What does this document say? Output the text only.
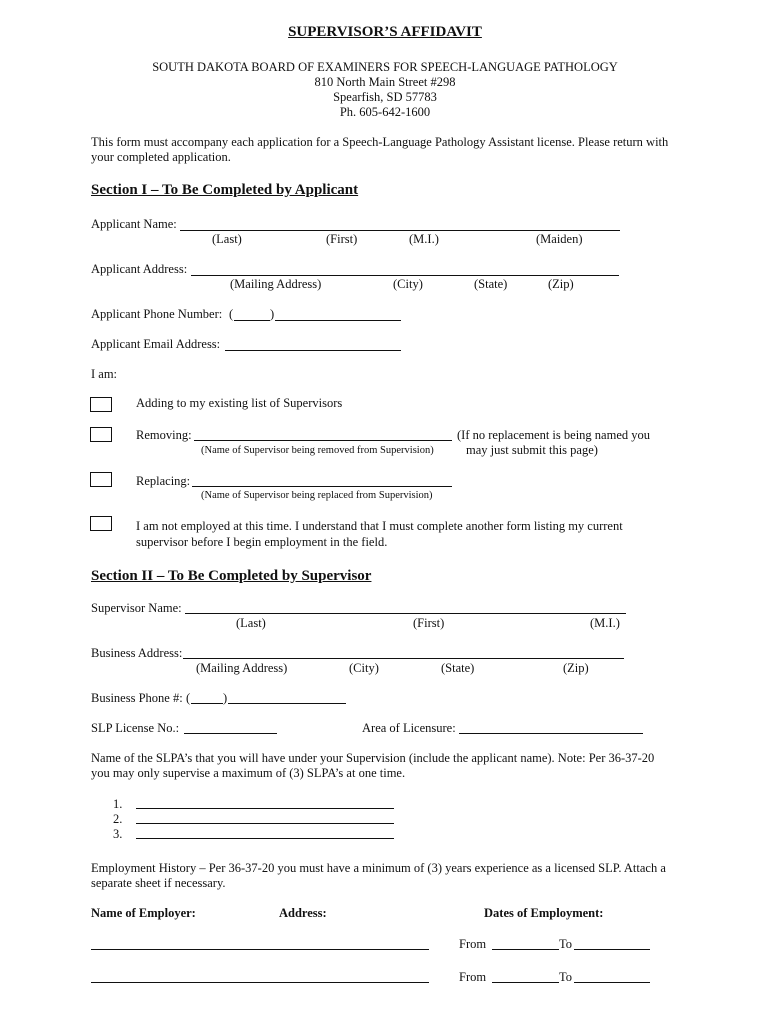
SUPERVISOR’S AFFIDAVIT
SOUTH DAKOTA BOARD OF EXAMINERS FOR SPEECH-LANGUAGE PATHOLOGY
810 North Main Street #298
Spearfish, SD 57783
Ph. 605-642-1600
This form must accompany each application for a Speech-Language Pathology Assistant license. Please return with
your completed application.
Section I – To Be Completed by Applicant
Applicant Name:
(Last)	(First)	(M.I.)	(Maiden)
Applicant Address:
(Mailing Address)	(City)	(State)	(Zip)
Applicant Phone Number: (	)
Applicant Email Address:
I am:
Adding to my existing list of Supervisors
Removing:	(If no replacement is being named you
(Name of Supervisor being removed from Supervision)	may just submit this page)
Replacing:
(Name of Supervisor being replaced from Supervision)
I am not employed at this time. I understand that I must complete another form listing my current
supervisor before I begin employment in the field.
Section II – To Be Completed by Supervisor
Supervisor Name:
(Last)	(First)	(M.I.)
Business Address:
(Mailing Address)	(City)	(State)	(Zip)
Business Phone #: (	)
SLP License No.:	Area of Licensure:
Name of the SLPA’s that you will have under your Supervision (include the applicant name). Note: Per 36-37-20
you may only supervise a maximum of (3) SLPA’s at one time.
1.
2.
3.
Employment History – Per 36-37-20 you must have a minimum of (3) years experience as a licensed SLP. Attach a
separate sheet if necessary.
Name of Employer:	Address:	Dates of Employment:
From	To
From	To
